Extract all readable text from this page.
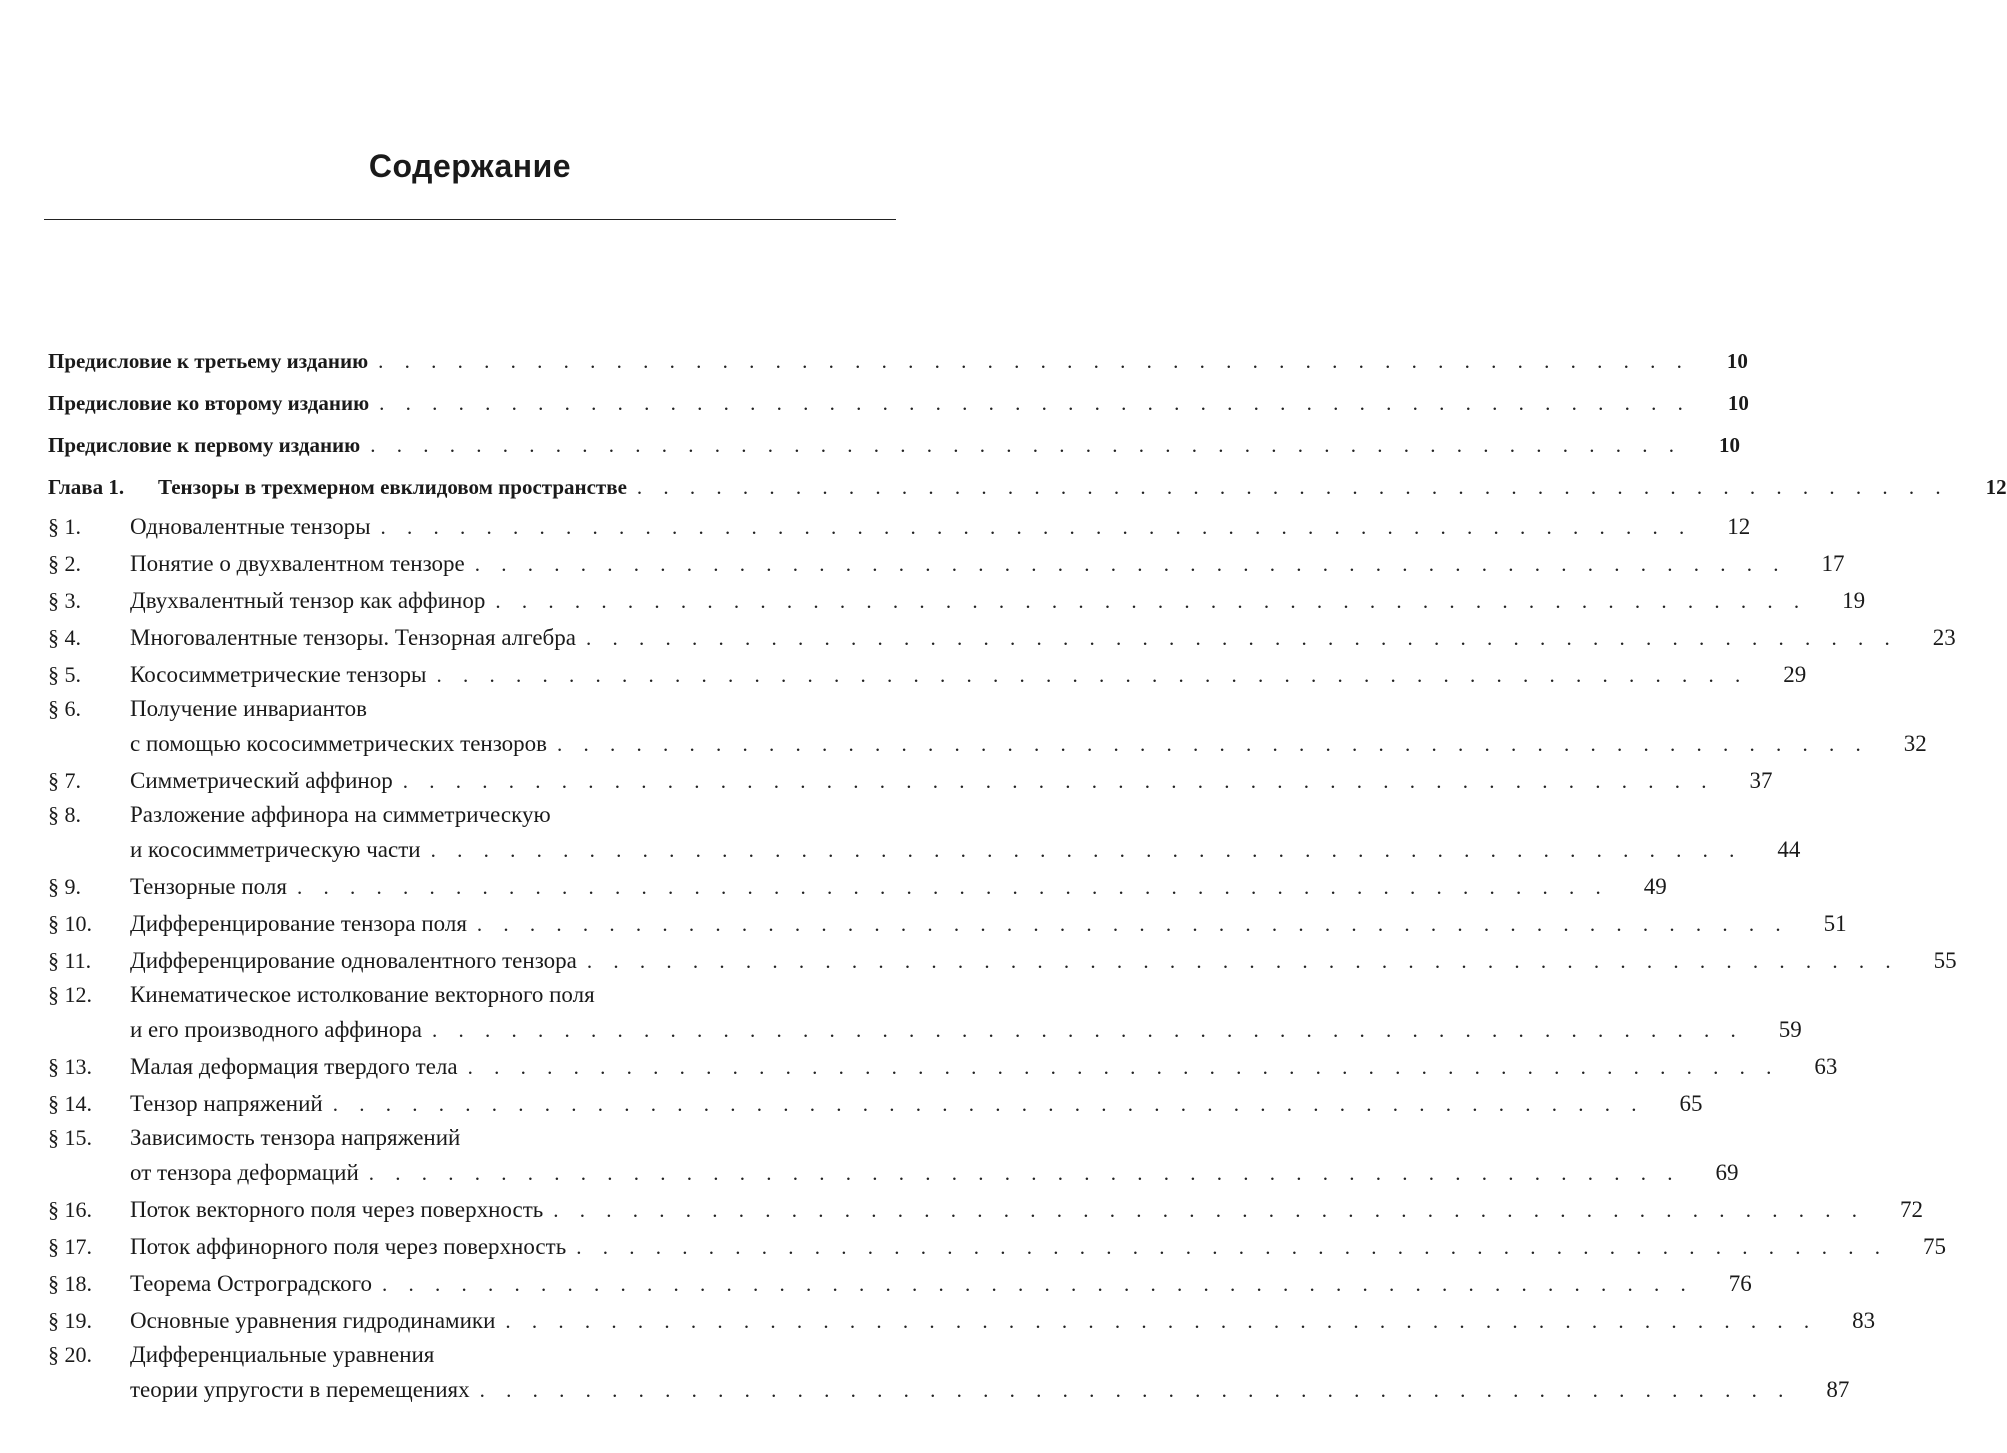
Содержание
Предисловие к третьему изданию . . . . . . . . . . . . . . . . . . . . . . . . . . . . . . . . . . . . . . . . . . . . . . . . . .	10
Предисловие ко второму изданию . . . . . . . . . . . . . . . . . . . . . . . . . . . . . . . . . . . . . . . . . . . . . . . . . .	10
Предисловие к первому изданию . . . . . . . . . . . . . . . . . . . . . . . . . . . . . . . . . . . . . . . . . . . . . . . . . .	10
Глава 1.	Тензоры в трехмерном евклидовом пространстве . . . . . . . . . . . . . . . . . . . . . . . . . . . . . . . . . . . . . . . . . . . . . . . . . .	12
§ 1.	Одновалентные тензоры . . . . . . . . . . . . . . . . . . . . . . . . . . . . . . . . . . . . . . . . . . . . . . . . . .	12
§ 2.	Понятие о двухвалентном тензоре . . . . . . . . . . . . . . . . . . . . . . . . . . . . . . . . . . . . . . . . . . . . . . . . . .	17
§ 3.	Двухвалентный тензор как аффинор . . . . . . . . . . . . . . . . . . . . . . . . . . . . . . . . . . . . . . . . . . . . . . . . . .	19
§ 4.	Многовалентные тензоры. Тензорная алгебра . . . . . . . . . . . . . . . . . . . . . . . . . . . . . . . . . . . . . . . . . . . . . . . . . .	23
§ 5.	Кососимметрические тензоры . . . . . . . . . . . . . . . . . . . . . . . . . . . . . . . . . . . . . . . . . . . . . . . . . .	29
§ 6.	Получение инвариантов
с помощью кососимметрических тензоров . . . . . . . . . . . . . . . . . . . . . . . . . . . . . . . . . . . . . . . . . . . . . . . . . .	32
§ 7.	Симметрический аффинор . . . . . . . . . . . . . . . . . . . . . . . . . . . . . . . . . . . . . . . . . . . . . . . . . .	37
§ 8.	Разложение аффинора на симметрическую
и кососимметрическую части . . . . . . . . . . . . . . . . . . . . . . . . . . . . . . . . . . . . . . . . . . . . . . . . . .	44
§ 9.	Тензорные поля . . . . . . . . . . . . . . . . . . . . . . . . . . . . . . . . . . . . . . . . . . . . . . . . . .	49
§ 10.	Дифференцирование тензора поля . . . . . . . . . . . . . . . . . . . . . . . . . . . . . . . . . . . . . . . . . . . . . . . . . .	51
§ 11.	Дифференцирование одновалентного тензора . . . . . . . . . . . . . . . . . . . . . . . . . . . . . . . . . . . . . . . . . . . . . . . . . .	55
§ 12.	Кинематическое истолкование векторного поля
и его производного аффинора . . . . . . . . . . . . . . . . . . . . . . . . . . . . . . . . . . . . . . . . . . . . . . . . . .	59
§ 13.	Малая деформация твердого тела . . . . . . . . . . . . . . . . . . . . . . . . . . . . . . . . . . . . . . . . . . . . . . . . . .	63
§ 14.	Тензор напряжений . . . . . . . . . . . . . . . . . . . . . . . . . . . . . . . . . . . . . . . . . . . . . . . . . .	65
§ 15.	Зависимость тензора напряжений
от тензора деформаций . . . . . . . . . . . . . . . . . . . . . . . . . . . . . . . . . . . . . . . . . . . . . . . . . .	69
§ 16.	Поток векторного поля через поверхность . . . . . . . . . . . . . . . . . . . . . . . . . . . . . . . . . . . . . . . . . . . . . . . . . .	72
§ 17.	Поток аффинорного поля через поверхность . . . . . . . . . . . . . . . . . . . . . . . . . . . . . . . . . . . . . . . . . . . . . . . . . .	75
§ 18.	Теорема Остроградского . . . . . . . . . . . . . . . . . . . . . . . . . . . . . . . . . . . . . . . . . . . . . . . . . .	76
§ 19.	Основные уравнения гидродинамики . . . . . . . . . . . . . . . . . . . . . . . . . . . . . . . . . . . . . . . . . . . . . . . . . .	83
§ 20.	Дифференциальные уравнения
теории упругости в перемещениях . . . . . . . . . . . . . . . . . . . . . . . . . . . . . . . . . . . . . . . . . . . . . . . . . .	87
